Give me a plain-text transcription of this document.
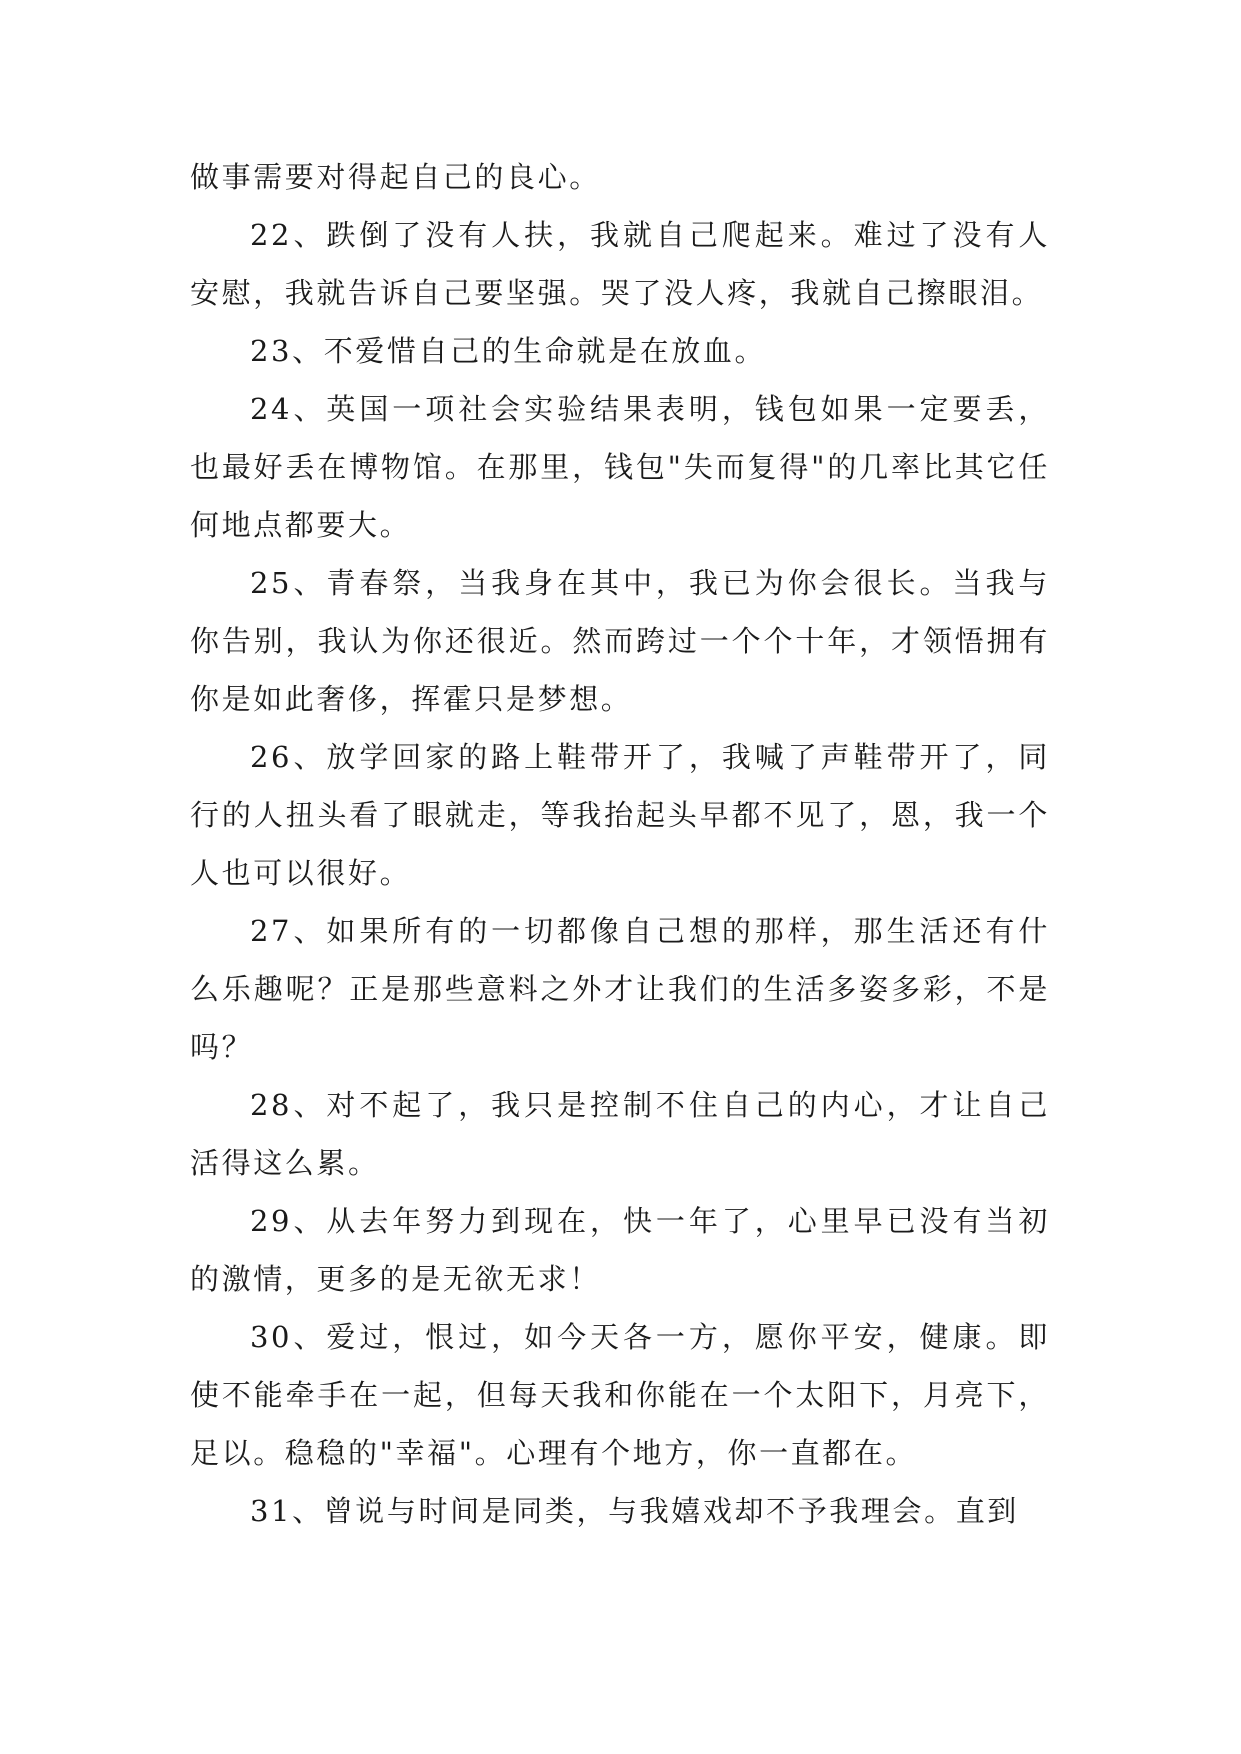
做事需要对得起自己的良心。

22、跌倒了没有人扶，我就自己爬起来。难过了没有人安慰，我就告诉自己要坚强。哭了没人疼，我就自己擦眼泪。

23、不爱惜自己的生命就是在放血。

24、英国一项社会实验结果表明，钱包如果一定要丢，也最好丢在博物馆。在那里，钱包"失而复得"的几率比其它任何地点都要大。

25、青春祭，当我身在其中，我已为你会很长。当我与你告别，我认为你还很近。然而跨过一个个十年，才领悟拥有你是如此奢侈，挥霍只是梦想。

26、放学回家的路上鞋带开了，我喊了声鞋带开了，同行的人扭头看了眼就走，等我抬起头早都不见了，恩，我一个人也可以很好。

27、如果所有的一切都像自己想的那样，那生活还有什么乐趣呢？正是那些意料之外才让我们的生活多姿多彩，不是吗？

28、对不起了，我只是控制不住自己的内心，才让自己活得这么累。

29、从去年努力到现在，快一年了，心里早已没有当初的激情，更多的是无欲无求！

30、爱过，恨过，如今天各一方，愿你平安，健康。即使不能牵手在一起，但每天我和你能在一个太阳下，月亮下，足以。稳稳的"幸福"。心理有个地方，你一直都在。

31、曾说与时间是同类，与我嬉戏却不予我理会。直到
